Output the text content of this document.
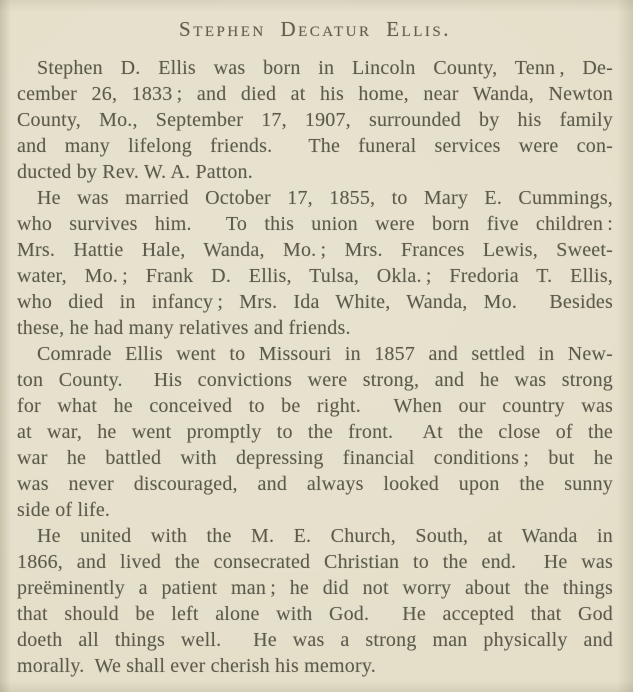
Stephen Decatur Ellis.
Stephen D. Ellis was born in Lincoln County, Tenn , De-
cember 26, 1833 ; and died at his home, near Wanda, Newton
County, Mo., September 17, 1907, surrounded by his family
and many lifelong friends.  The funeral services were con-
ducted by Rev. W. A. Patton.
He was married October 17, 1855, to Mary E. Cummings,
who survives him.  To this union were born five children :
Mrs. Hattie Hale, Wanda, Mo. ; Mrs. Frances Lewis, Sweet-
water, Mo. ; Frank D. Ellis, Tulsa, Okla. ; Fredoria T. Ellis,
who died in infancy ; Mrs. Ida White, Wanda, Mo.  Besides
these, he had many relatives and friends.
Comrade Ellis went to Missouri in 1857 and settled in New-
ton County.  His convictions were strong, and he was strong
for what he conceived to be right.  When our country was
at war, he went promptly to the front.  At the close of the
war he battled with depressing financial conditions ; but he
was never discouraged, and always looked upon the sunny
side of life.
He united with the M. E. Church, South, at Wanda in
1866, and lived the consecrated Christian to the end.  He was
preëminently a patient man ; he did not worry about the things
that should be left alone with God.  He accepted that God
doeth all things well.  He was a strong man physically and
morally.  We shall ever cherish his memory.
